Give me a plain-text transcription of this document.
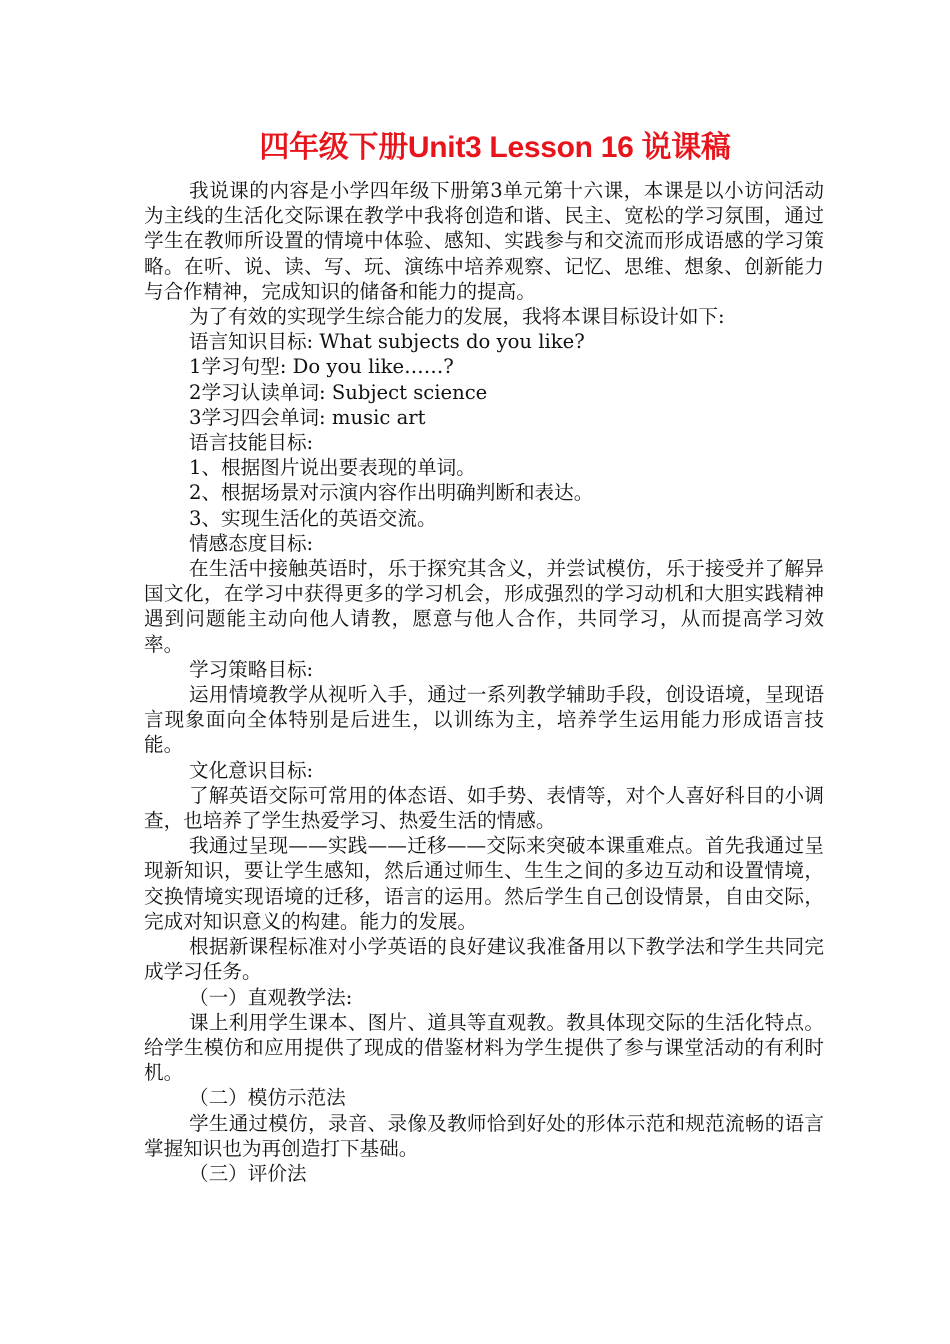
四年级下册Unit3 Lesson 16 说课稿

我说课的内容是小学四年级下册第3单元第十六课，本课是以小访问活动为主线的生活化交际课在教学中我将创造和谐、民主、宽松的学习氛围，通过学生在教师所设置的情境中体验、感知、实践参与和交流而形成语感的学习策略。在听、说、读、写、玩、演练中培养观察、记忆、思维、想象、创新能力与合作精神，完成知识的储备和能力的提高。

为了有效的实现学生综合能力的发展，我将本课目标设计如下:

语言知识目标: What subjects do you like?

1学习句型: Do you like……?

2学习认读单词: Subject science

3学习四会单词: music art

语言技能目标:

1、根据图片说出要表现的单词。

2、根据场景对示演内容作出明确判断和表达。

3、实现生活化的英语交流。

情感态度目标:

在生活中接触英语时，乐于探究其含义，并尝试模仿，乐于接受并了解异国文化，在学习中获得更多的学习机会，形成强烈的学习动机和大胆实践精神遇到问题能主动向他人请教，愿意与他人合作，共同学习，从而提高学习效率。

学习策略目标:

运用情境教学从视听入手，通过一系列教学辅助手段，创设语境，呈现语言现象面向全体特别是后进生，以训练为主，培养学生运用能力形成语言技能。

文化意识目标:

了解英语交际可常用的体态语、如手势、表情等，对个人喜好科目的小调查，也培养了学生热爱学习、热爱生活的情感。

我通过呈现——实践——迁移——交际来突破本课重难点。首先我通过呈现新知识，要让学生感知，然后通过师生、生生之间的多边互动和设置情境，交换情境实现语境的迁移，语言的运用。然后学生自己创设情景，自由交际，完成对知识意义的构建。能力的发展。

根据新课程标准对小学英语的良好建议我准备用以下教学法和学生共同完成学习任务。

（一）直观教学法:

课上利用学生课本、图片、道具等直观教。教具体现交际的生活化特点。给学生模仿和应用提供了现成的借鉴材料为学生提供了参与课堂活动的有利时机。

（二）模仿示范法

学生通过模仿，录音、录像及教师恰到好处的形体示范和规范流畅的语言掌握知识也为再创造打下基础。

（三）评价法
